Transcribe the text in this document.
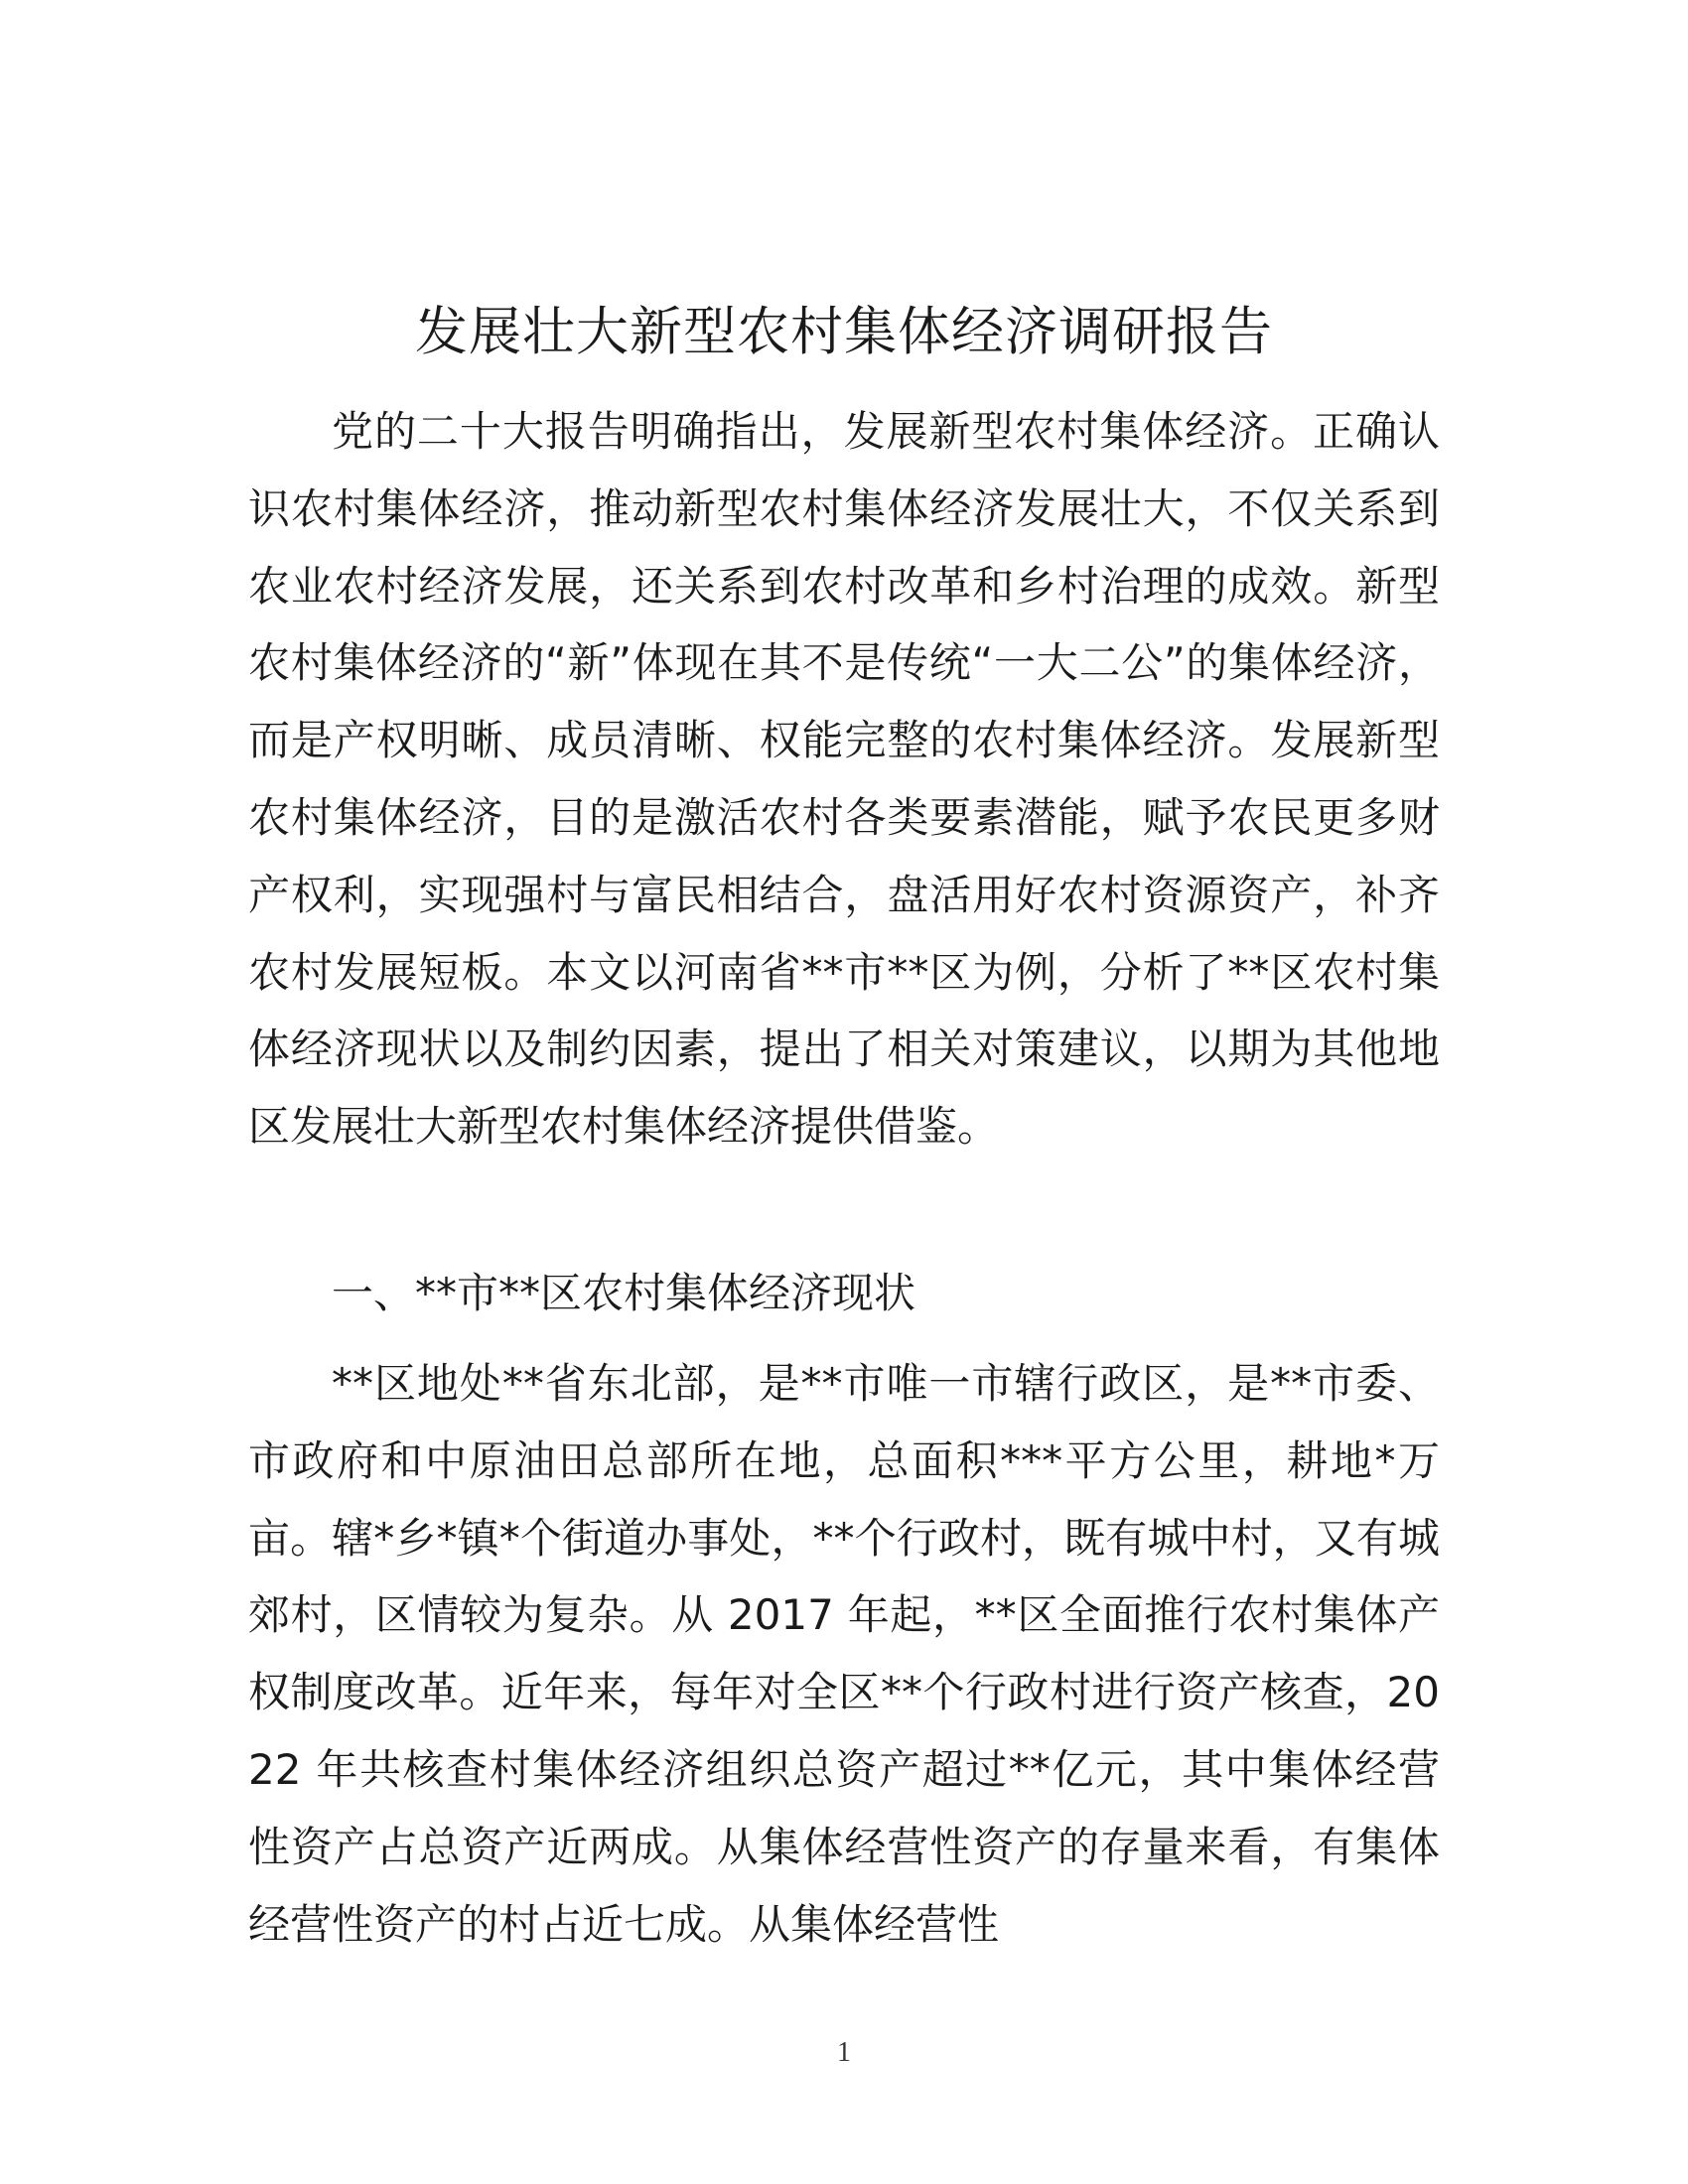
发展壮大新型农村集体经济调研报告

党的二十大报告明确指出，发展新型农村集体经济。正确认识农村集体经济，推动新型农村集体经济发展壮大，不仅关系到农业农村经济发展，还关系到农村改革和乡村治理的成效。新型农村集体经济的“新”体现在其不是传统“一大二公”的集体经济，而是产权明晰、成员清晰、权能完整的农村集体经济。发展新型农村集体经济，目的是激活农村各类要素潜能，赋予农民更多财产权利，实现强村与富民相结合，盘活用好农村资源资产，补齐农村发展短板。本文以河南省**市**区为例，分析了**区农村集体经济现状以及制约因素，提出了相关对策建议，以期为其他地区发展壮大新型农村集体经济提供借鉴。

一、**市**区农村集体经济现状

**区地处**省东北部，是**市唯一市辖行政区，是**市委、市政府和中原油田总部所在地，总面积***平方公里，耕地*万亩。辖*乡*镇*个街道办事处，**个行政村，既有城中村，又有城郊村，区情较为复杂。从 2017 年起，**区全面推行农村集体产权制度改革。近年来，每年对全区**个行政村进行资产核查，2022 年共核查村集体经济组织总资产超过**亿元，其中集体经营性资产占总资产近两成。从集体经营性资产的存量来看，有集体经营性资产的村占近七成。从集体经营性

1
